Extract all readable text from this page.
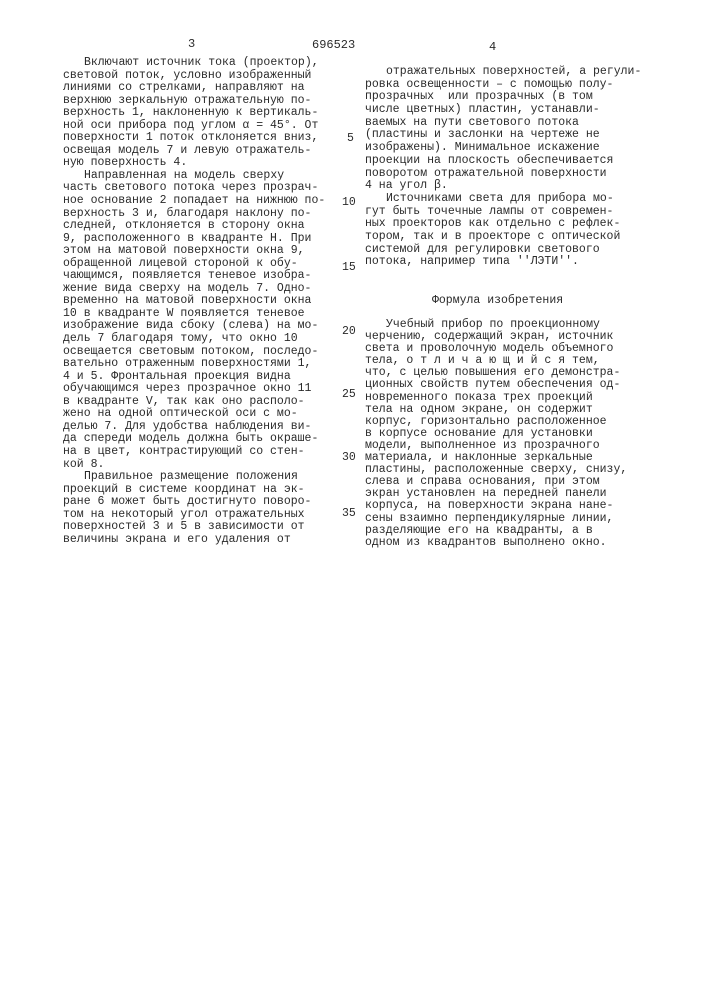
3	696523	4
Включают источник тока (проектор),
световой поток, условно изображенный
линиями со стрелками, направляют на
верхнюю зеркальную отражательную по-
верхность 1, наклоненную к вертикаль-
ной оси прибора под углом α = 45°. От
поверхности 1 поток отклоняется вниз,
освещая модель 7 и левую отражатель-
ную поверхность 4.
Направленная на модель сверху
часть светового потока через прозрач-
ное основание 2 попадает на нижнюю по-
верхность 3 и, благодаря наклону по-
следней, отклоняется в сторону окна
9, расположенного в квадранте Н. При
этом на матовой поверхности окна 9,
обращенной лицевой стороной к обу-
чающимся, появляется теневое изобра-
жение вида сверху на модель 7. Одно-
временно на матовой поверхности окна
10 в квадранте W появляется теневое
изображение вида сбоку (слева) на мо-
дель 7 благодаря тому, что окно 10
освещается световым потоком, последо-
вательно отраженным поверхностями 1,
4 и 5. Фронтальная проекция видна
обучающимся через прозрачное окно 11
в квадранте V, так как оно располо-
жено на одной оптической оси с мо-
делью 7. Для удобства наблюдения ви-
да спереди модель должна быть окраше-
на в цвет, контрастирующий со стен-
кой 8.
Правильное размещение положения
проекций в системе координат на эк-
ране 6 может быть достигнуто поворо-
том на некоторый угол отражательных
поверхностей 3 и 5 в зависимости от
величины экрана и его удаления от
5
10
15
20
25
30
35
отражательных поверхностей, а регули-
ровка освещенности – с помощью полу-
прозрачных  или прозрачных (в том
числе цветных) пластин, устанавли-
ваемых на пути светового потока
(пластины и заслонки на чертеже не
изображены). Минимальное искажение
проекции на плоскость обеспечивается
поворотом отражательной поверхности
4 на угол β.
Источниками света для прибора мо-
гут быть точечные лампы от современ-
ных проекторов как отдельно с рефлек-
тором, так и в проекторе с оптической
системой для регулировки светового
потока, например типа ''ЛЭТИ''.
Формула изобретения
Учебный прибор по проекционному
черчению, содержащий экран, источник
света и проволочную модель объемного
тела, о т л и ч а ю щ и й с я тем,
что, с целью повышения его демонстра-
ционных свойств путем обеспечения од-
новременного показа трех проекций
тела на одном экране, он содержит
корпус, горизонтально расположенное
в корпусе основание для установки
модели, выполненное из прозрачного
материала, и наклонные зеркальные
пластины, расположенные сверху, снизу,
слева и справа основания, при этом
экран установлен на передней панели
корпуса, на поверхности экрана нане-
сены взаимно перпендикулярные линии,
разделяющие его на квадранты, а в
одном из квадрантов выполнено окно.
